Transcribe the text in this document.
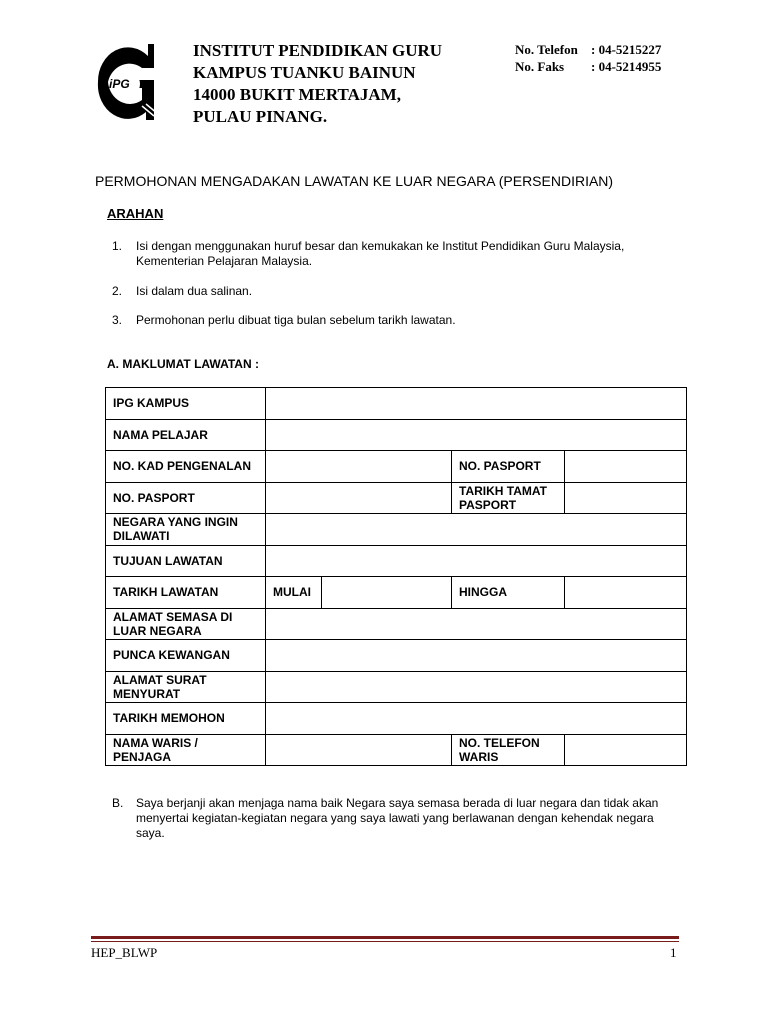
iPG
INSTITUT PENDIDIKAN GURU
KAMPUS TUANKU BAINUN
14000 BUKIT MERTAJAM,
PULAU PINANG.
No. Telefon	: 04-5215227
No. Faks	: 04-5214955
PERMOHONAN MENGADAKAN LAWATAN KE LUAR NEGARA (PERSENDIRIAN)
ARAHAN
1. Isi dengan menggunakan huruf besar dan kemukakan ke Institut Pendidikan Guru Malaysia, Kementerian Pelajaran Malaysia.
2. Isi dalam dua salinan.
3. Permohonan perlu dibuat tiga bulan sebelum tarikh lawatan.
A. MAKLUMAT LAWATAN :
IPG KAMPUS				
NAMA PELAJAR				
NO. KAD PENGENALAN			NO. PASPORT	
NO. PASPORT			TARIKH TAMAT PASPORT	
NEGARA YANG INGIN DILAWATI				
TUJUAN LAWATAN				
TARIKH LAWATAN	MULAI		HINGGA	
ALAMAT SEMASA DI LUAR NEGARA				
PUNCA KEWANGAN				
ALAMAT SURAT MENYURAT				
TARIKH MEMOHON				
NAMA WARIS / PENJAGA			NO. TELEFON WARIS	
B. Saya berjanji akan menjaga nama baik Negara saya semasa berada di luar negara dan tidak akan menyertai kegiatan-kegiatan negara yang saya lawati yang berlawanan dengan kehendak negara saya.
HEP_BLWP	1
